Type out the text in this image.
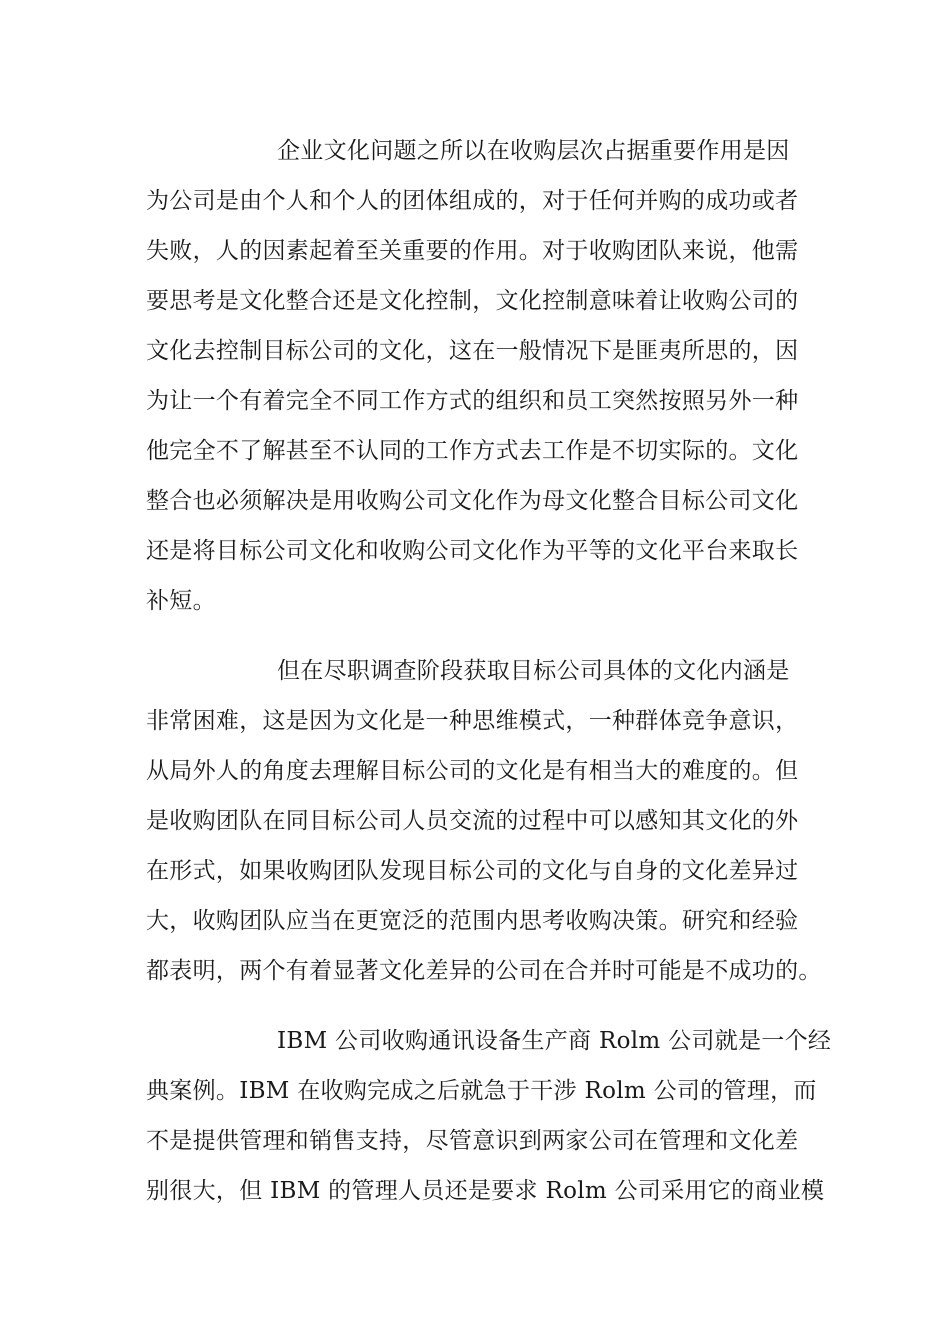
企业文化问题之所以在收购层次占据重要作用是因
为公司是由个人和个人的团体组成的，对于任何并购的成功或者
失败，人的因素起着至关重要的作用。对于收购团队来说，他需
要思考是文化整合还是文化控制，文化控制意味着让收购公司的
文化去控制目标公司的文化，这在一般情况下是匪夷所思的，因
为让一个有着完全不同工作方式的组织和员工突然按照另外一种
他完全不了解甚至不认同的工作方式去工作是不切实际的。文化
整合也必须解决是用收购公司文化作为母文化整合目标公司文化
还是将目标公司文化和收购公司文化作为平等的文化平台来取长
补短。
但在尽职调查阶段获取目标公司具体的文化内涵是
非常困难，这是因为文化是一种思维模式，一种群体竞争意识，
从局外人的角度去理解目标公司的文化是有相当大的难度的。但
是收购团队在同目标公司人员交流的过程中可以感知其文化的外
在形式，如果收购团队发现目标公司的文化与自身的文化差异过
大，收购团队应当在更宽泛的范围内思考收购决策。研究和经验
都表明，两个有着显著文化差异的公司在合并时可能是不成功的。
IBM 公司收购通讯设备生产商 Rolm 公司就是一个经
典案例。IBM 在收购完成之后就急于干涉 Rolm 公司的管理，而
不是提供管理和销售支持，尽管意识到两家公司在管理和文化差
别很大，但 IBM 的管理人员还是要求 Rolm 公司采用它的商业模
